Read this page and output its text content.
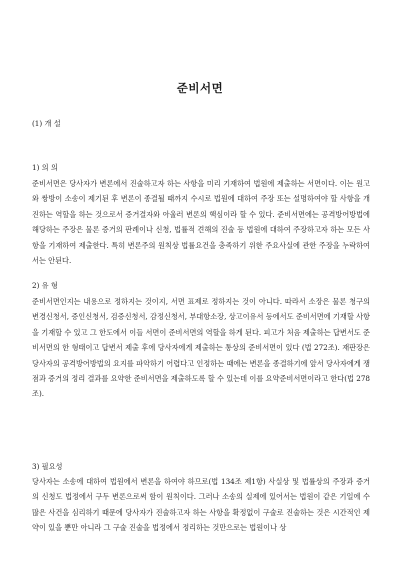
준비서면
(1) 개 설
1) 의 의

준비서면은 당사자가 변론에서 진술하고자 하는 사항을 미리 기재하여 법원에 제출하는 서면이다. 이는 원고와 쌍방이 소송이 제기된 후 변론이 종결될 때까지 수시로 법원에 대하여 주장 또는 설명하여야 할 사항을 개진하는 역할을 하는 것으로서 증거결자와 아울러 변론의 핵심이라 할 수 있다. 준비서면에는 공격방어방법에 해당하는 주장은 물론 증거의 판례이나 신청, 법률적 견해의 진술 등 법원에 대하여 주장하고자 하는 모든 사항을 기재하여 제출한다. 특히 변론주의 원칙상 법률요건을 충족하기 위한 주요사실에 관한 주장을 누락하여서는 안된다.

2) 유 형

준비서면인지는 내용으로 정하지는 것이지, 서면 표제로 정하지는 것이 아니다. 따라서 소장은 물론 청구의 변경신청서, 증인신청서, 검증신청서, 감정신청서, 부대항소장, 상고이유서 등에서도 준비서면에 기재할 사항을 기재할 수 있고 그 한도에서 이들 서면이 준비서면의 역할을 하게 된다. 피고가 처음 제출하는 답변서도 준비서면의 한 형태이고 답변서 제출 후에 당사자에게 제출하는 통상의 준비서면이 있다 (법 272조). 재판장은 당사자의 공격방어방법의 요지를 파악하기 어렵다고 인정하는 때에는 변론을 종결하기에 앞서 당사자에게 쟁점과 증거의 정리 결과를 요약한 준비서면을 제출하도록 할 수 있는데 이를 요약준비서면이라고 한다(법 278조).

3) 필요성

당사자는 소송에 대하여 법원에서 변론을 하여야 하므로(법 134조 제1항) 사실상 및 법률상의 주장과 증거의 신청도 법정에서 구두 변론으로써 함이 원칙이다. 그러나 소송의 실제에 있어서는 법원이 같은 기일에 수많은 사건을 심리하기 때문에 당사자가 진술하고자 하는 사항을 확정없이 구술로 진술하는 것은 시간적인 제약이 있을 뿐만 아니라 그 구술 진술을 법정에서 정리하는 것만으로는 법원이나 상
